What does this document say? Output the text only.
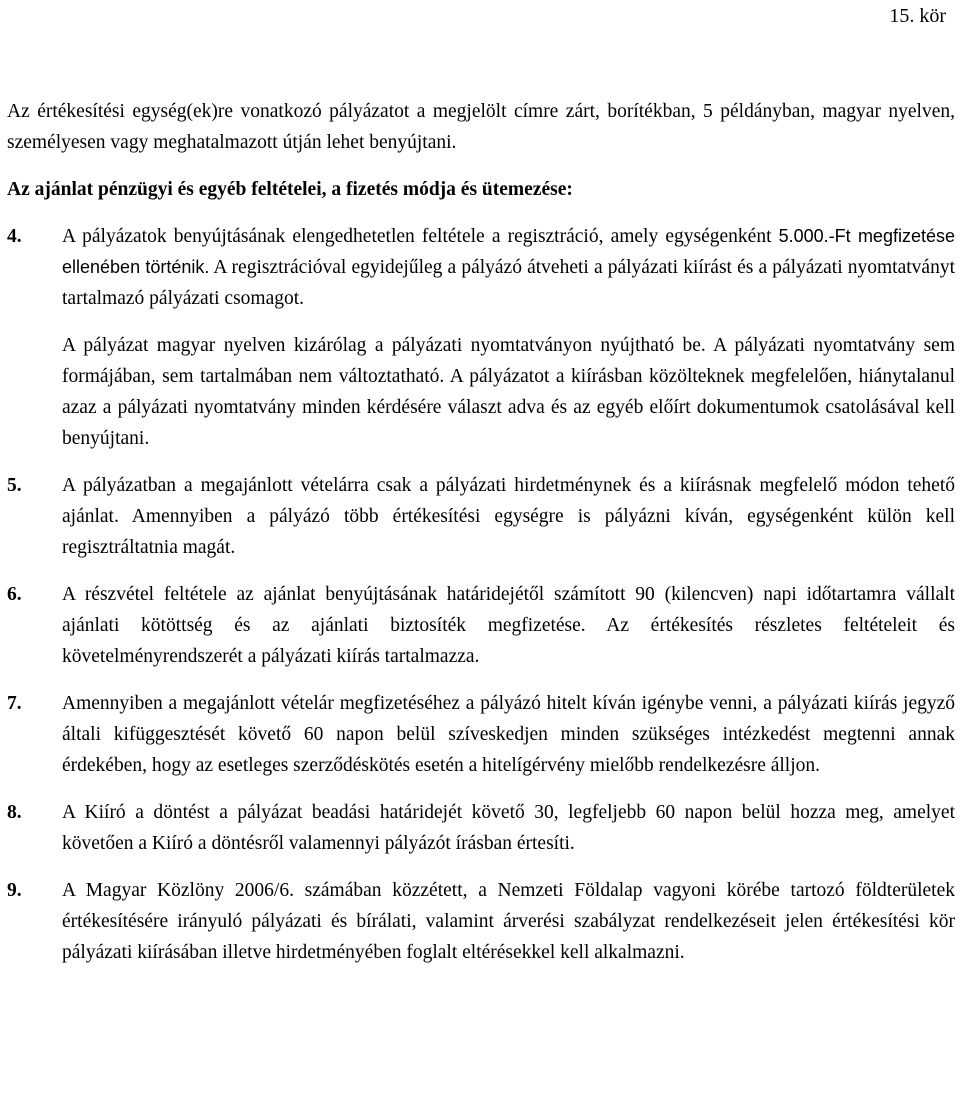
15. kör

Az értékesítési egység(ek)re vonatkozó pályázatot a megjelölt címre zárt, borítékban, 5 példányban, magyar nyelven, személyesen vagy meghatalmazott útján lehet benyújtani.

Az ajánlat pénzügyi és egyéb feltételei, a fizetés módja és ütemezése:

4.	A pályázatok benyújtásának elengedhetetlen feltétele a regisztráció, amely egységenként 5.000.-Ft megfizetése ellenében történik. A regisztrációval egyidejűleg a pályázó átveheti a pályázati kiírást és a pályázati nyomtatványt tartalmazó pályázati csomagot.

A pályázat magyar nyelven kizárólag a pályázati nyomtatványon nyújtható be. A pályázati nyomtatvány sem formájában, sem tartalmában nem változtatható. A pályázatot a kiírásban közölteknek megfelelően, hiánytalanul azaz a pályázati nyomtatvány minden kérdésére választ adva és az egyéb előírt dokumentumok csatolásával kell benyújtani.

5.	A pályázatban a megajánlott vételárra csak a pályázati hirdetménynek és a kiírásnak megfelelő módon tehető ajánlat. Amennyiben a pályázó több értékesítési egységre is pályázni kíván, egységenként külön kell regisztráltatnia magát.

6.	A részvétel feltétele az ajánlat benyújtásának határidejétől számított 90 (kilencven) napi időtartamra vállalt ajánlati kötöttség és az ajánlati biztosíték megfizetése. Az értékesítés részletes feltételeit és követelményrendszerét a pályázati kiírás tartalmazza.

7.	Amennyiben a megajánlott vételár megfizetéséhez a pályázó hitelt kíván igénybe venni, a pályázati kiírás jegyző általi kifüggesztését követő 60 napon belül szíveskedjen minden szükséges intézkedést megtenni annak érdekében, hogy az esetleges szerződéskötés esetén a hitelígérvény mielőbb rendelkezésre álljon.

8.	A Kiíró a döntést a pályázat beadási határidejét követő 30, legfeljebb 60 napon belül hozza meg, amelyet követően a Kiíró a döntésről valamennyi pályázót írásban értesíti.

9.	A Magyar Közlöny 2006/6. számában közzétett, a Nemzeti Földalap vagyoni körébe tartozó földterületek értékesítésére irányuló pályázati és bírálati, valamint árverési szabályzat rendelkezéseit jelen értékesítési kör pályázati kiírásában illetve hirdetményében foglalt eltérésekkel kell alkalmazni.
